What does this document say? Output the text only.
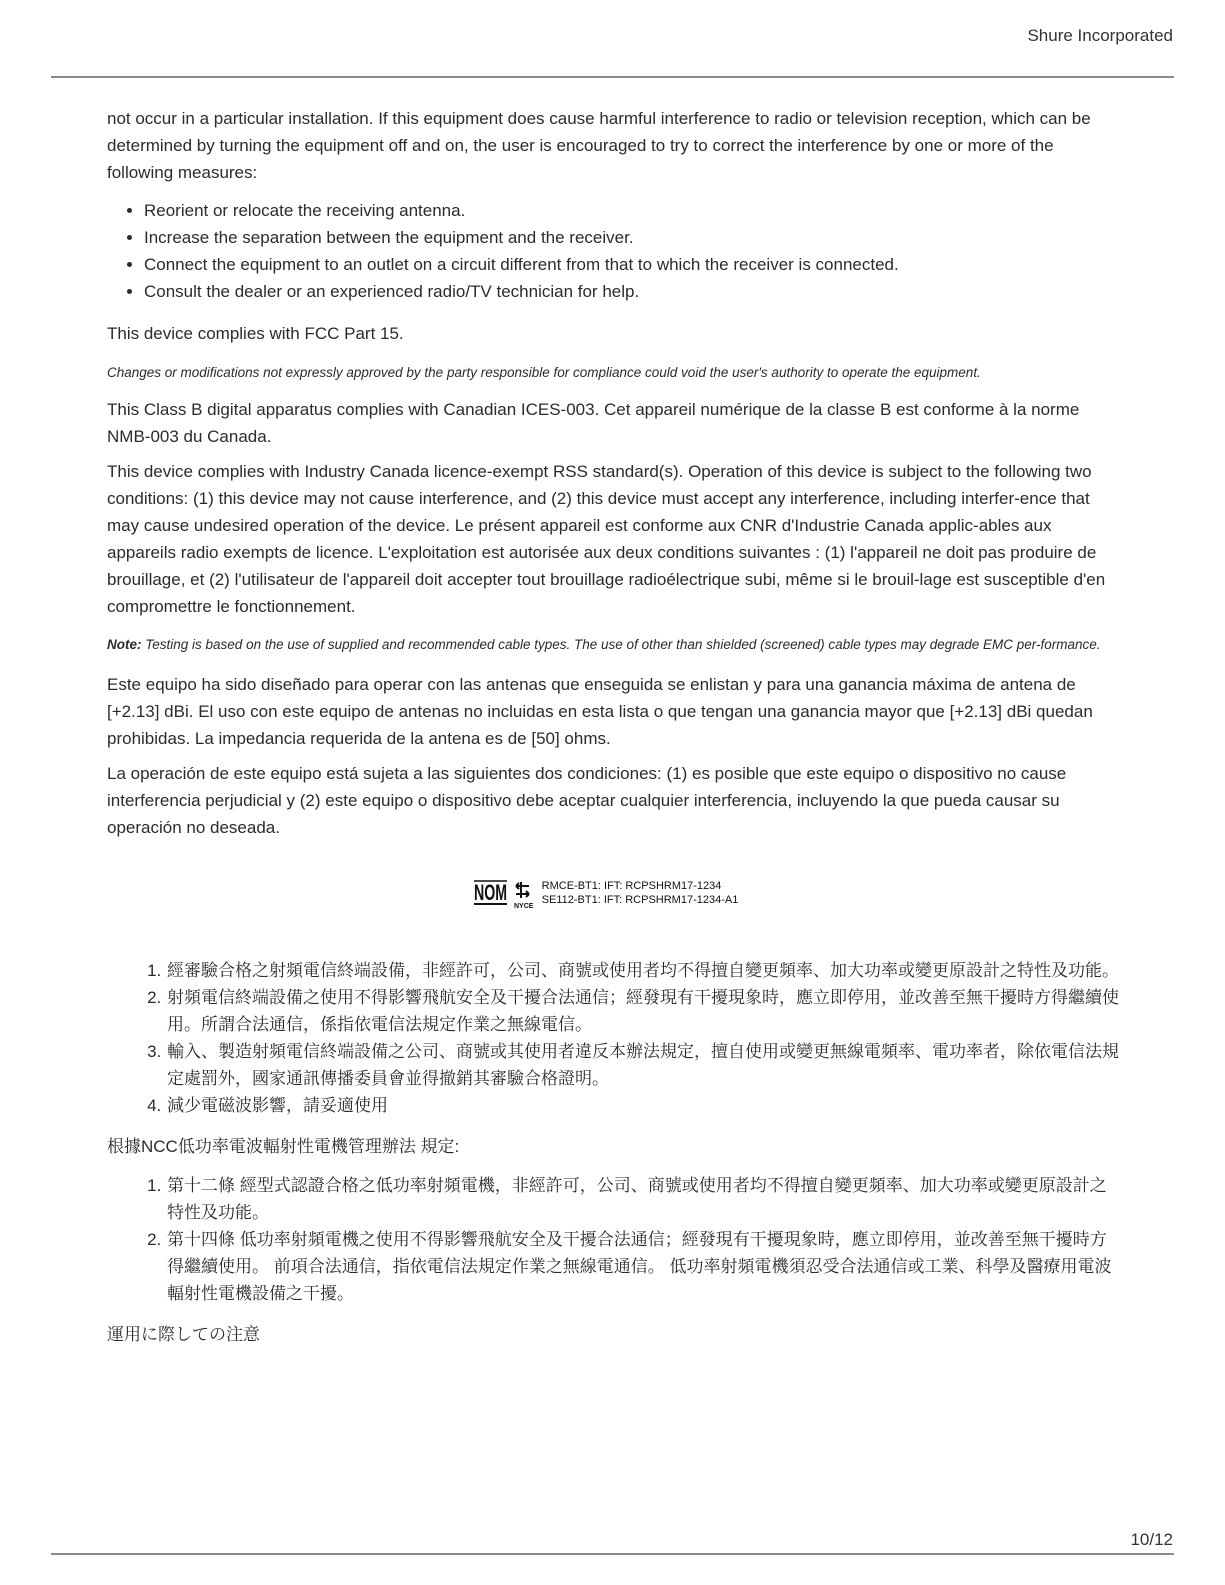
Shure Incorporated

not occur in a particular installation. If this equipment does cause harmful interference to radio or television reception, which can be determined by turning the equipment off and on, the user is encouraged to try to correct the interference by one or more of the following measures:

• Reorient or relocate the receiving antenna.
• Increase the separation between the equipment and the receiver.
• Connect the equipment to an outlet on a circuit different from that to which the receiver is connected.
• Consult the dealer or an experienced radio/TV technician for help.

This device complies with FCC Part 15.

Changes or modifications not expressly approved by the party responsible for compliance could void the user's authority to operate the equipment.

This Class B digital apparatus complies with Canadian ICES-003. Cet appareil numérique de la classe B est conforme à la norme NMB-003 du Canada.

This device complies with Industry Canada licence-exempt RSS standard(s). Operation of this device is subject to the following two conditions: (1) this device may not cause interference, and (2) this device must accept any interference, including interfer-ence that may cause undesired operation of the device. Le présent appareil est conforme aux CNR d'Industrie Canada applic-ables aux appareils radio exempts de licence. L'exploitation est autorisée aux deux conditions suivantes : (1) l'appareil ne doit pas produire de brouillage, et (2) l'utilisateur de l'appareil doit accepter tout brouillage radioélectrique subi, même si le brouil-lage est susceptible d'en compromettre le fonctionnement.

Note: Testing is based on the use of supplied and recommended cable types. The use of other than shielded (screened) cable types may degrade EMC per-formance.

Este equipo ha sido diseñado para operar con las antenas que enseguida se enlistan y para una ganancia máxima de antena de [+2.13] dBi. El uso con este equipo de antenas no incluidas en esta lista o que tengan una ganancia mayor que [+2.13] dBi quedan prohibidas. La impedancia requerida de la antena es de [50] ohms.

La operación de este equipo está sujeta a las siguientes dos condiciones: (1) es posible que este equipo o dispositivo no cause interferencia perjudicial y (2) este equipo o dispositivo debe aceptar cualquier interferencia, incluyendo la que pueda causar su operación no deseada.

NOM
NYCE
RMCE-BT1: IFT: RCPSHRM17-1234
SE112-BT1: IFT: RCPSHRM17-1234-A1
1. 經審驗合格之射頻電信終端設備，非經許可，公司、商號或使用者均不得擅自變更頻率、加大功率或變更原設計之特性及功能。
2. 射頻電信終端設備之使用不得影響飛航安全及干擾合法通信；經發現有干擾現象時，應立即停用，並改善至無干擾時方得繼續使用。所謂合法通信，係指依電信法規定作業之無線電信。
3. 輸入、製造射頻電信終端設備之公司、商號或其使用者違反本辦法規定，擅自使用或變更無線電頻率、電功率者，除依電信法規定處罰外，國家通訊傳播委員會並得撤銷其審驗合格證明。
4. 減少電磁波影響，請妥適使用

根據NCC低功率電波輻射性電機管理辦法 規定:

1. 第十二條 經型式認證合格之低功率射頻電機，非經許可，公司、商號或使用者均不得擅自變更頻率、加大功率或變更原設計之特性及功能。
2. 第十四條 低功率射頻電機之使用不得影響飛航安全及干擾合法通信；經發現有干擾現象時，應立即停用，並改善至無干擾時方得繼續使用。 前項合法通信，指依電信法規定作業之無線電通信。 低功率射頻電機須忍受合法通信或工業、科學及醫療用電波輻射性電機設備之干擾。

運用に際しての注意

10/12
